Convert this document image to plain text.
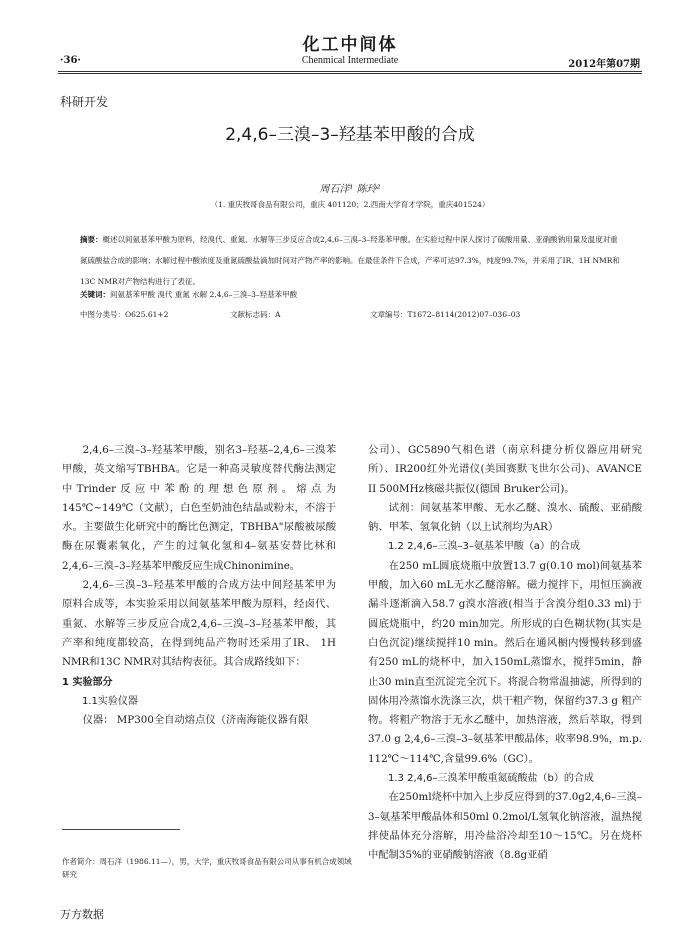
化工中间体
·36·	Chenmical Intermediate	2012年第07期
科研开发
2,4,6–三溴–3–羟基苯甲酸的合成
周石洋¹ 陈玲²
（1. 重庆牧哥食品有限公司，重庆 401120；2.西南大学育才学院，重庆401524）
摘要：概述以间氨基苯甲酸为原料，经溴代、重氮、水解等三步反应合成2,4,6–三溴–3–羟基苯甲酸。在实验过程中深人探讨了硫酸用量、亚硝酸钠用量及温度对重氮硫酸盐合成的影响；水解过程中酸浓度及重氮硫酸盐滴加时间对产物产率的影响。在最佳条件下合成，产率可达97.3%，纯度99.7%，并采用了IR、1H NMR和13C NMR对产物结构进行了表征。
关键词：间氨基苯甲酸 溴代 重氮 水解 2,4,6–三溴–3–羟基苯甲酸
中图分类号：O625.61+2	文献标志码：A	文章编号：T1672–8114(2012)07–036–03

2,4,6–三溴–3–羟基苯甲酸，别名3–羟基–2,4,6–三溴苯甲酸，英文缩写TBHBA。它是一种高灵敏度替代酶法测定中Trinder反应中苯酚的理想色原剂。熔点为145℃~149℃（文献），白色至奶油色结晶或粉末，不溶于水。主要做生化研究中的酶比色测定，TBHBA"尿酸被尿酸酶在尿囊素氧化，产生的过氧化氢和4–氨基安替比林和2,4,6–三溴–3–羟基苯甲酸反应生成Chinonimine。

2,4,6–三溴–3–羟基苯甲酸的合成方法中间羟基苯甲为原料合成等，本实验采用以间氨基苯甲酸为原料，经卤代、重氮、水解等三步反应合成2,4,6–三溴–3–羟基苯甲酸，其产率和纯度都较高，在得到纯品产物时还采用了IR、 1H NMR和13C NMR对其结构表征。其合成路线如下：

1 实验部分

1.1实验仪器

仪器： MP300全自动熔点仪（济南海能仪器有限

公司）、GC5890气相色谱（南京科捷分析仪器应用研究所）、IR200红外光谱仪(美国赛默飞世尔公司)、AVANCE II 500MHz核磁共振仪(德国 Bruker公司)。

试剂：间氨基苯甲酸、无水乙醚、溴水、硫酸、亚硝酸钠、甲苯、氢氧化钠（以上试剂均为AR）

1.2 2,4,6–三溴–3–氨基苯甲酸（a）的合成

在250 mL圆底烧瓶中放置13.7 g(0.10 mol)间氨基苯甲酸，加入60 mL无水乙醚溶解。磁力搅拌下，用恒压滴液漏斗逐渐滴入58.7 g溴水溶液(相当于含溴分组0.33 ml)于圆底烧瓶中，约20 min加完。所形成的白色糊状物(其实是白色沉淀)继续搅拌10 min。然后在通风橱内慢慢转移到盛有250 mL的烧杯中，加入150mL蒸馏水，搅拌5min，静止30 min直至沉淀完全沉下。将混合物常温抽滤，所得到的固体用冷蒸馏水洗涤三次，烘干粗产物，保留约37.3 g 粗产物。将粗产物溶于无水乙醚中，加热溶液，然后萃取，得到37.0 g 2,4,6–三溴–3–氨基苯甲酸晶体，收率98.9%，m.p. 112℃～114℃,含量99.6%（GC）。

1.3 2,4,6–三溴苯甲酸重氮硫酸盐（b）的合成

在250ml烧杯中加入上步反应得到的37.0g2,4,6–三溴–3–氨基苯甲酸晶体和50ml 0.2mol/L氢氧化钠溶液，温热搅拌使晶体充分溶解，用冷盐浴冷却至10～15℃。另在烧杯中配制35%的亚硝酸钠溶液（8.8g亚硝

作者简介：周石洋（1986.11—），男，大学，重庆牧哥食品有限公司从事有机合成领域研究
万方数据
